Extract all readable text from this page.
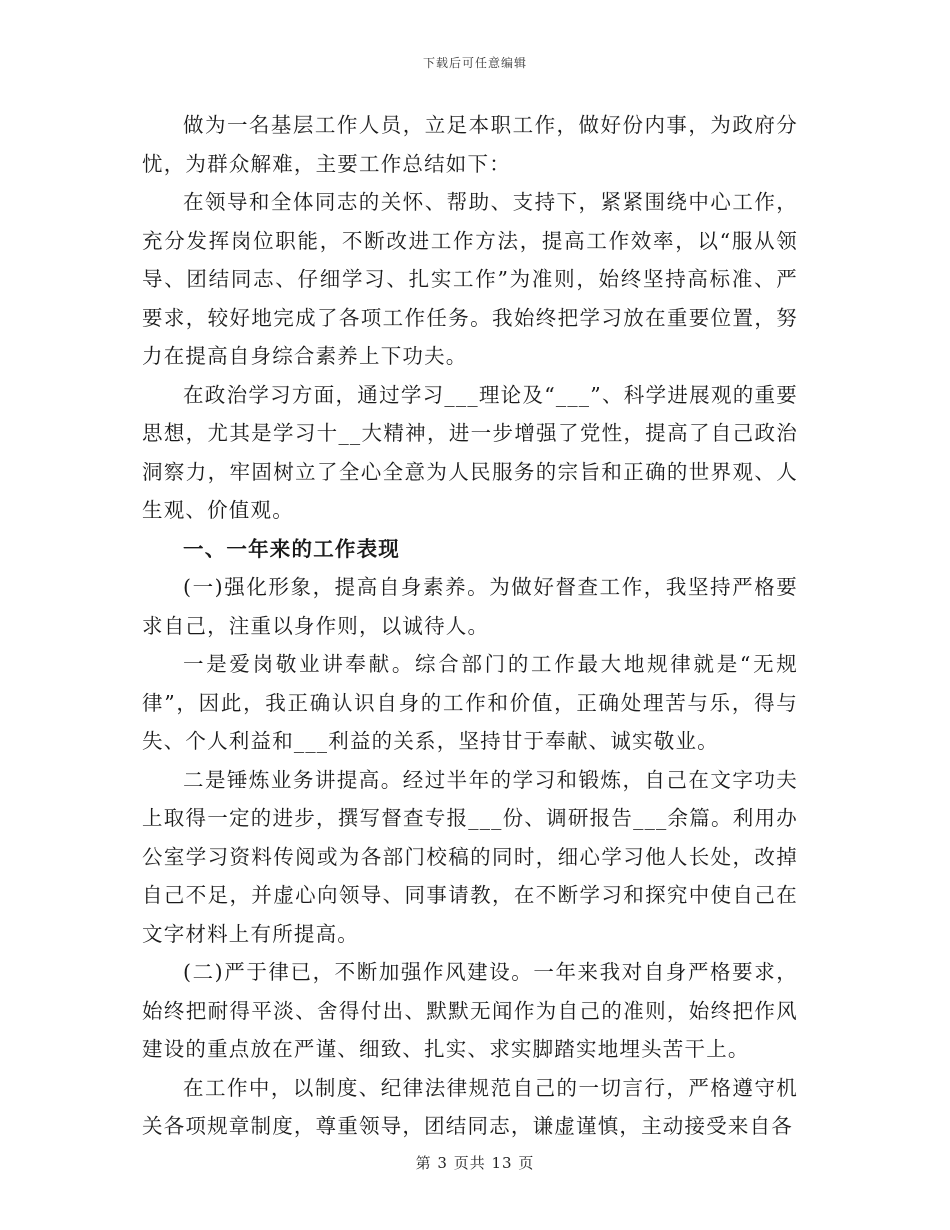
下载后可任意编辑

做为一名基层工作人员，立足本职工作，做好份内事，为政府分忧，为群众解难，主要工作总结如下：

在领导和全体同志的关怀、帮助、支持下，紧紧围绕中心工作，充分发挥岗位职能，不断改进工作方法，提高工作效率，以“服从领导、团结同志、仔细学习、扎实工作”为准则，始终坚持高标准、严要求，较好地完成了各项工作任务。我始终把学习放在重要位置，努力在提高自身综合素养上下功夫。

在政治学习方面，通过学习___理论及“___”、科学进展观的重要思想，尤其是学习十__大精神，进一步增强了党性，提高了自己政治洞察力，牢固树立了全心全意为人民服务的宗旨和正确的世界观、人生观、价值观。

一、一年来的工作表现

(一)强化形象，提高自身素养。为做好督查工作，我坚持严格要求自己，注重以身作则，以诚待人。

一是爱岗敬业讲奉献。综合部门的工作最大地规律就是“无规律”，因此，我正确认识自身的工作和价值，正确处理苦与乐，得与失、个人利益和___利益的关系，坚持甘于奉献、诚实敬业。

二是锤炼业务讲提高。经过半年的学习和锻炼，自己在文字功夫上取得一定的进步，撰写督查专报___份、调研报告___余篇。利用办公室学习资料传阅或为各部门校稿的同时，细心学习他人长处，改掉自己不足，并虚心向领导、同事请教，在不断学习和探究中使自己在文字材料上有所提高。

(二)严于律已，不断加强作风建设。一年来我对自身严格要求，始终把耐得平淡、舍得付出、默默无闻作为自己的准则，始终把作风建设的重点放在严谨、细致、扎实、求实脚踏实地埋头苦干上。

在工作中，以制度、纪律法律规范自己的一切言行，严格遵守机关各项规章制度，尊重领导，团结同志，谦虚谨慎，主动接受来自各

第 3 页共 13 页
